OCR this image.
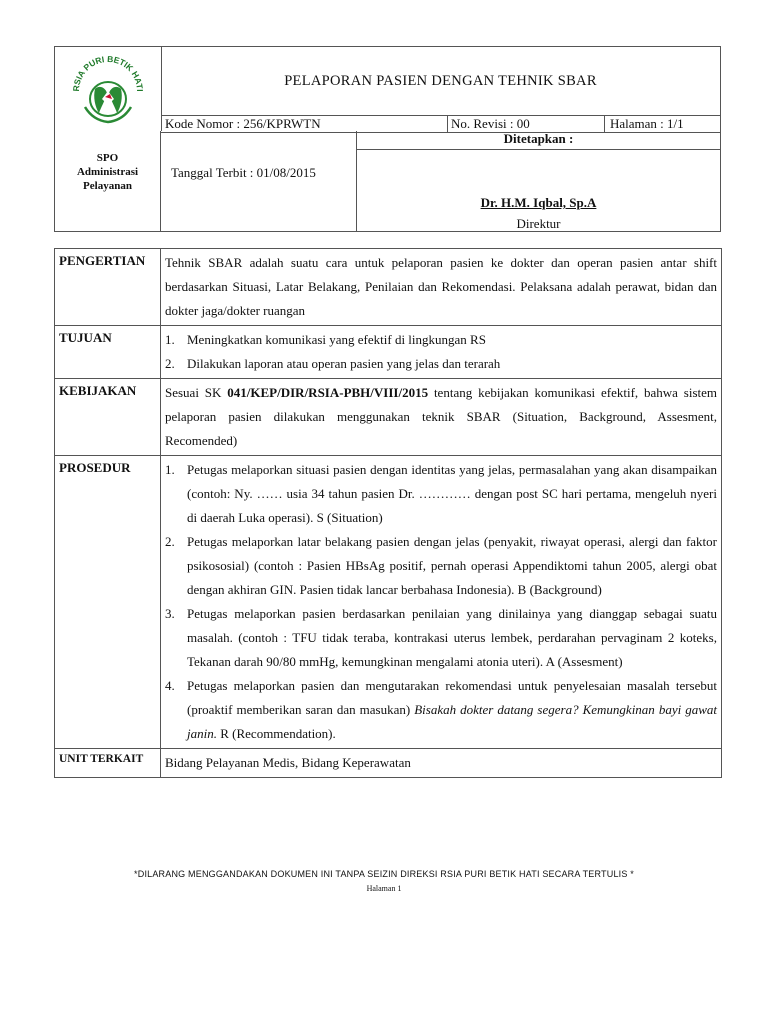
RSIA PURI BETIK HATI
PELAPORAN PASIEN DENGAN TEHNIK SBAR
Kode Nomor : 256/KPRWTN	No. Revisi : 00	Halaman : 1/1
SPO
Administrasi
Pelayanan
Tanggal Terbit : 01/08/2015
Ditetapkan :
Dr. H.M. Iqbal, Sp.A
Direktur
PENGERTIAN	Tehnik SBAR adalah suatu cara untuk pelaporan pasien ke dokter dan operan pasien antar shift berdasarkan Situasi, Latar Belakang, Penilaian dan Rekomendasi. Pelaksana adalah perawat, bidan dan dokter jaga/dokter ruangan

TUJUAN	1. Meningkatkan komunikasi yang efektif di lingkungan RS
2. Dilakukan laporan atau operan pasien yang jelas dan terarah
KEBIJAKAN	Sesuai SK 041/KEP/DIR/RSIA-PBH/VIII/2015 tentang kebijakan komunikasi efektif, bahwa sistem pelaporan pasien dilakukan menggunakan teknik SBAR (Situation, Background, Assesment, Recomended)

PROSEDUR	1. Petugas melaporkan situasi pasien dengan identitas yang jelas, permasalahan yang akan disampaikan (contoh: Ny. …… usia 34 tahun pasien Dr. ………… dengan post SC hari pertama, mengeluh nyeri di daerah Luka operasi). S (Situation)
2. Petugas melaporkan latar belakang pasien dengan jelas (penyakit, riwayat operasi, alergi dan faktor psikososial) (contoh : Pasien HBsAg positif, pernah operasi Appendiktomi tahun 2005, alergi obat dengan akhiran GIN. Pasien tidak lancar berbahasa Indonesia). B (Background)
3. Petugas melaporkan pasien berdasarkan penilaian yang dinilainya yang dianggap sebagai suatu masalah. (contoh : TFU tidak teraba, kontrakasi uterus lembek, perdarahan pervaginam 2 koteks, Tekanan darah 90/80 mmHg, kemungkinan mengalami atonia uteri). A (Assesment)
4. Petugas melaporkan pasien dan mengutarakan rekomendasi untuk penyelesaian masalah tersebut (proaktif memberikan saran dan masukan) Bisakah dokter datang segera? Kemungkinan bayi gawat janin. R (Recommendation).
UNIT TERKAIT	Bidang Pelayanan Medis, Bidang Keperawatan

*DILARANG MENGGANDAKAN DOKUMEN INI TANPA SEIZIN DIREKSI RSIA PURI BETIK HATI SECARA TERTULIS *
Halaman 1
